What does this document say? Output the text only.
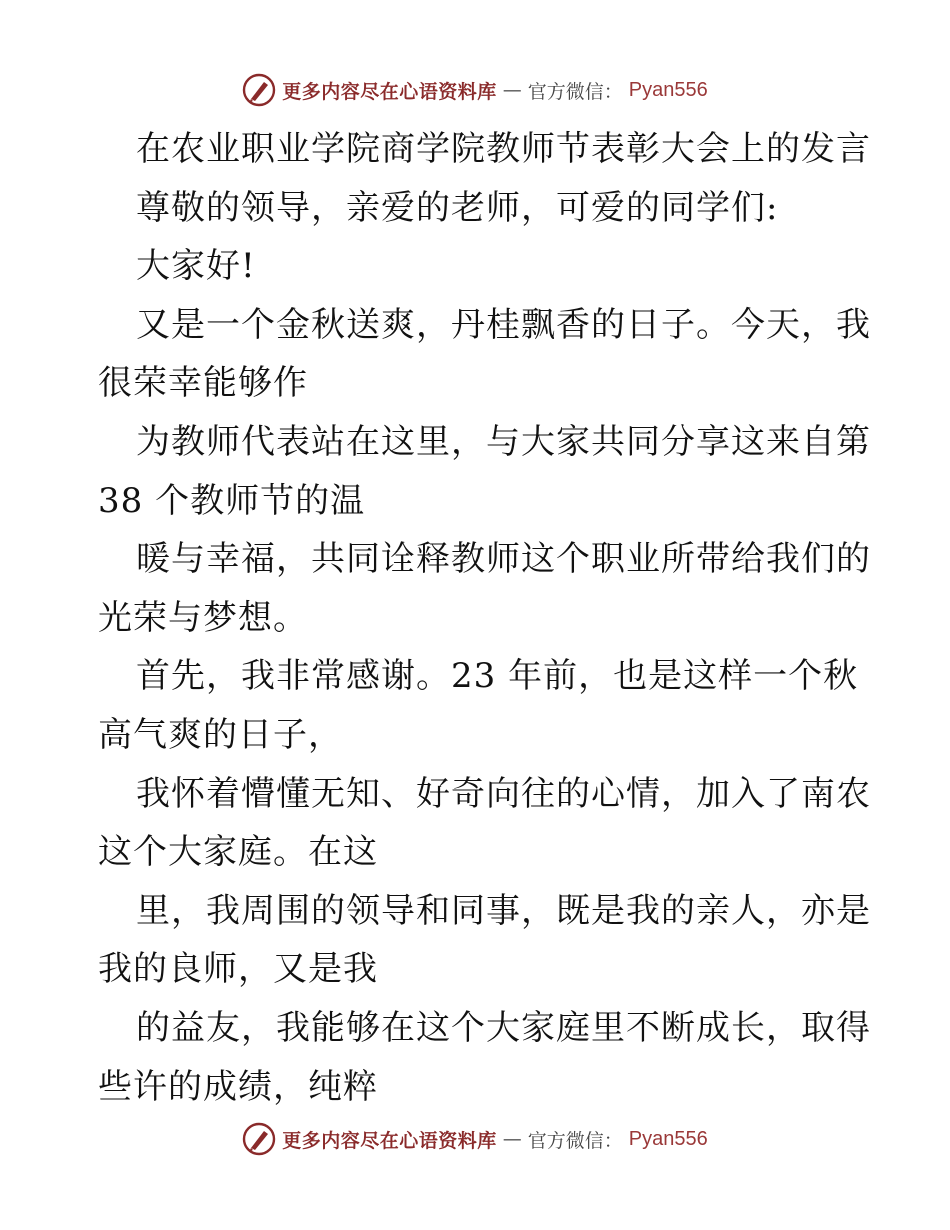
更多内容尽在心语资料库 — 官方微信： Pyan556
在农业职业学院商学院教师节表彰大会上的发言
尊敬的领导，亲爱的老师，可爱的同学们:
大家好!
又是一个金秋送爽，丹桂飘香的日子。今天，我
很荣幸能够作
为教师代表站在这里，与大家共同分享这来自第
38 个教师节的温
暖与幸福，共同诠释教师这个职业所带给我们的
光荣与梦想。
首先，我非常感谢。23 年前，也是这样一个秋
高气爽的日子，
我怀着懵懂无知、好奇向往的心情，加入了南农
这个大家庭。在这
里，我周围的领导和同事，既是我的亲人，亦是
我的良师，又是我
的益友，我能够在这个大家庭里不断成长，取得
些许的成绩，纯粹
更多内容尽在心语资料库 — 官方微信： Pyan556
